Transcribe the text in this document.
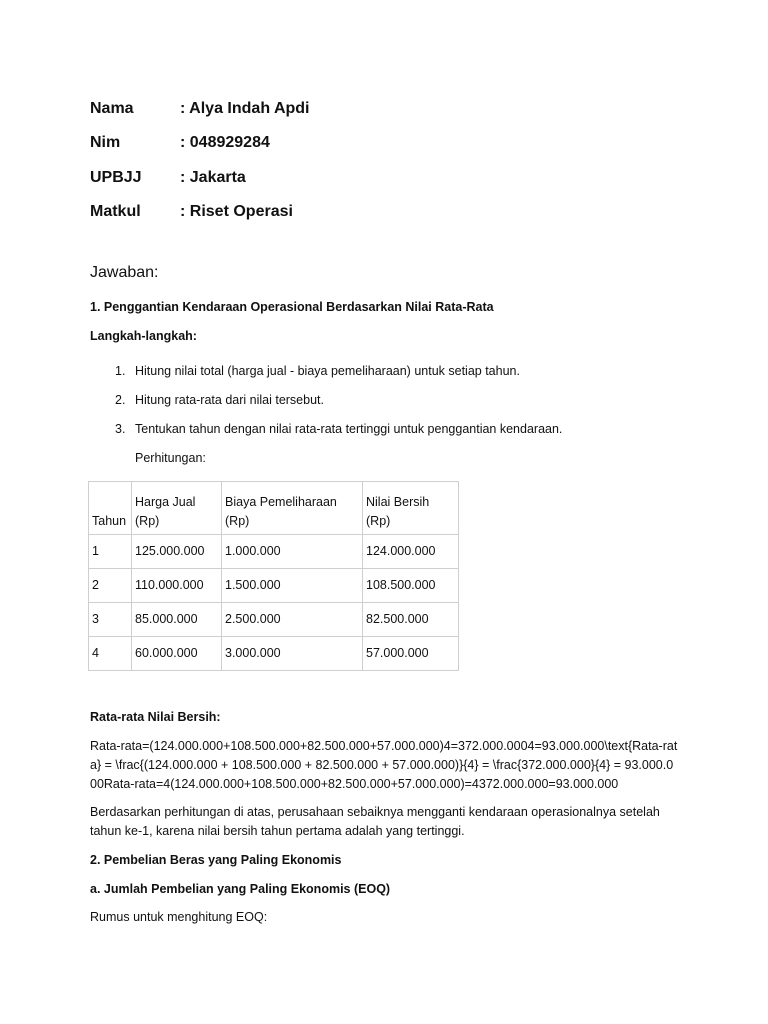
Nama	: Alya Indah Apdi
Nim	: 048929284
UPBJJ	: Jakarta
Matkul	: Riset Operasi
Jawaban:
1. Penggantian Kendaraan Operasional Berdasarkan Nilai Rata-Rata
Langkah-langkah:
1. Hitung nilai total (harga jual - biaya pemeliharaan) untuk setiap tahun.
2. Hitung rata-rata dari nilai tersebut.
3. Tentukan tahun dengan nilai rata-rata tertinggi untuk penggantian kendaraan.
Perhitungan:
Tahun	Harga Jual (Rp)	Biaya Pemeliharaan (Rp)	Nilai Bersih (Rp)
1	125.000.000	1.000.000	124.000.000
2	110.000.000	1.500.000	108.500.000
3	85.000.000	2.500.000	82.500.000
4	60.000.000	3.000.000	57.000.000
Rata-rata Nilai Bersih:
Rata-rata=(124.000.000+108.500.000+82.500.000+57.000.000)4=372.000.0004=93.000.000\text{Rata-rata} = \frac{(124.000.000 + 108.500.000 + 82.500.000 + 57.000.000)}{4} = \frac{372.000.000}{4} = 93.000.000Rata-rata=4(124.000.000+108.500.000+82.500.000+57.000.000)=4372.000.000=93.000.000
Berdasarkan perhitungan di atas, perusahaan sebaiknya mengganti kendaraan operasionalnya setelah tahun ke-1, karena nilai bersih tahun pertama adalah yang tertinggi.
2. Pembelian Beras yang Paling Ekonomis
a. Jumlah Pembelian yang Paling Ekonomis (EOQ)
Rumus untuk menghitung EOQ:
